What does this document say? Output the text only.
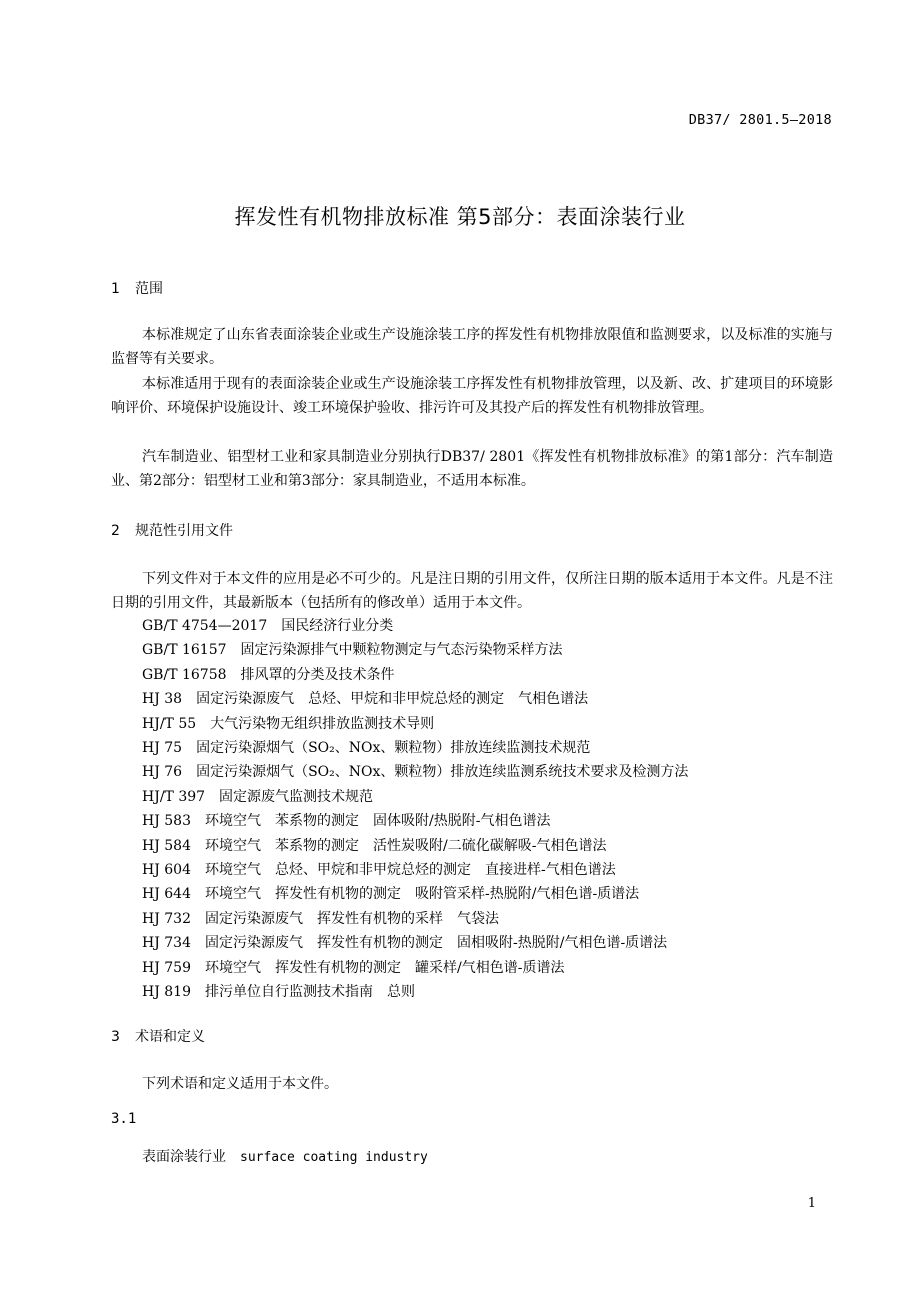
DB37/ 2801.5—2018
挥发性有机物排放标准 第5部分：表面涂装行业
1 范围

本标准规定了山东省表面涂装企业或生产设施涂装工序的挥发性有机物排放限值和监测要求，以及标准的实施与监督等有关要求。

本标准适用于现有的表面涂装企业或生产设施涂装工序挥发性有机物排放管理，以及新、改、扩建项目的环境影响评价、环境保护设施设计、竣工环境保护验收、排污许可及其投产后的挥发性有机物排放管理。

汽车制造业、铝型材工业和家具制造业分别执行DB37/ 2801《挥发性有机物排放标准》的第1部分：汽车制造业、第2部分：铝型材工业和第3部分：家具制造业，不适用本标准。

2 规范性引用文件

下列文件对于本文件的应用是必不可少的。凡是注日期的引用文件，仅所注日期的版本适用于本文件。凡是不注日期的引用文件，其最新版本（包括所有的修改单）适用于本文件。

GB/T 4754—2017　国民经济行业分类
GB/T 16157　固定污染源排气中颗粒物测定与气态污染物采样方法
GB/T 16758　排风罩的分类及技术条件
HJ 38　固定污染源废气　总烃、甲烷和非甲烷总烃的测定　气相色谱法
HJ/T 55　大气污染物无组织排放监测技术导则
HJ 75　固定污染源烟气（SO₂、NOx、颗粒物）排放连续监测技术规范
HJ 76　固定污染源烟气（SO₂、NOx、颗粒物）排放连续监测系统技术要求及检测方法
HJ/T 397　固定源废气监测技术规范
HJ 583　环境空气　苯系物的测定　固体吸附/热脱附-气相色谱法
HJ 584　环境空气　苯系物的测定　活性炭吸附/二硫化碳解吸-气相色谱法
HJ 604　环境空气　总烃、甲烷和非甲烷总烃的测定　直接进样-气相色谱法
HJ 644　环境空气　挥发性有机物的测定　吸附管采样-热脱附/气相色谱-质谱法
HJ 732　固定污染源废气　挥发性有机物的采样　气袋法
HJ 734　固定污染源废气　挥发性有机物的测定　固相吸附-热脱附/气相色谱-质谱法
HJ 759　环境空气　挥发性有机物的测定　罐采样/气相色谱-质谱法
HJ 819　排污单位自行监测技术指南　总则
3 术语和定义

下列术语和定义适用于本文件。

3.1
表面涂装行业 surface coating industry
1
